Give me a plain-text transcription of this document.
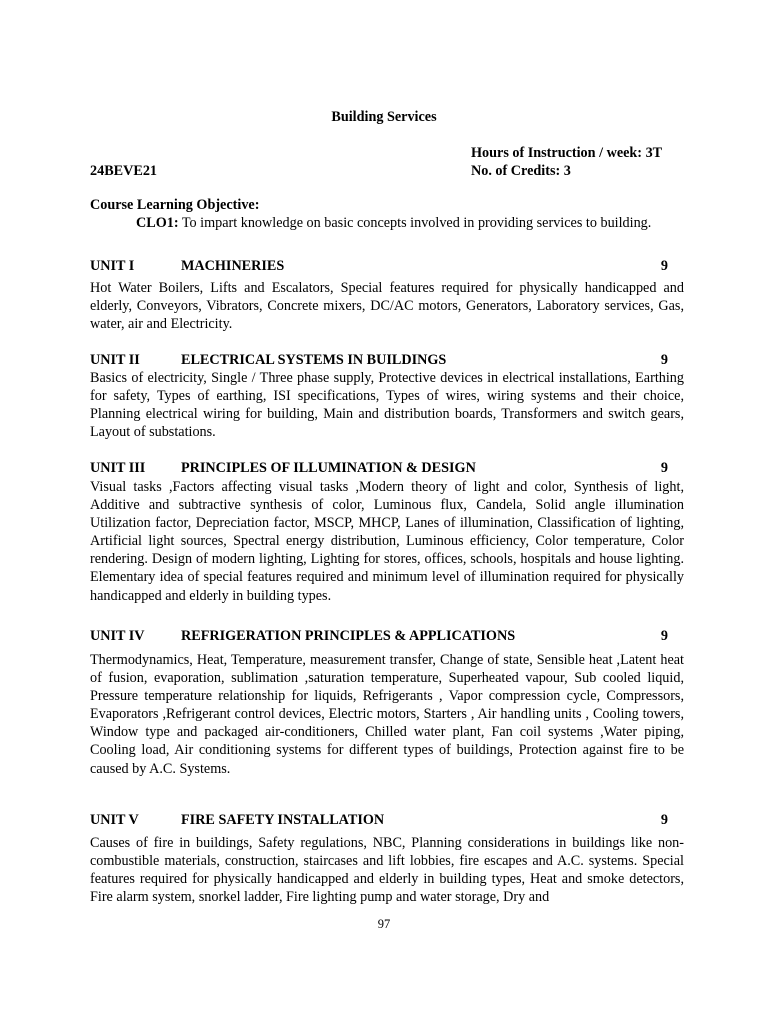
Building Services
Hours of Instruction / week: 3T
24BEVE21	No. of Credits: 3
Course Learning Objective:
CLO1: To impart knowledge on basic concepts involved in providing services to building.
UNIT I	MACHINERIES	9

Hot Water Boilers, Lifts and Escalators, Special features required for physically handicapped and elderly, Conveyors, Vibrators, Concrete mixers, DC/AC motors, Generators, Laboratory services, Gas, water, air and Electricity.

UNIT II	ELECTRICAL SYSTEMS IN BUILDINGS	9

Basics of electricity, Single / Three phase supply, Protective devices in electrical installations, Earthing for safety, Types of earthing, ISI specifications, Types of wires, wiring systems and their choice, Planning electrical wiring for building, Main and distribution boards, Transformers and switch gears, Layout of substations.

UNIT III	PRINCIPLES OF ILLUMINATION & DESIGN	9

Visual tasks ,Factors affecting visual tasks ,Modern theory of light and color, Synthesis of light, Additive and subtractive synthesis of color, Luminous flux, Candela, Solid angle illumination Utilization factor, Depreciation factor, MSCP, MHCP, Lanes of illumination, Classification of lighting, Artificial light sources, Spectral energy distribution, Luminous efficiency, Color temperature, Color rendering. Design of modern lighting, Lighting for stores, offices, schools, hospitals and house lighting. Elementary idea of special features required and minimum level of illumination required for physically handicapped and elderly in building types.

UNIT IV	REFRIGERATION PRINCIPLES & APPLICATIONS	9

Thermodynamics, Heat, Temperature, measurement transfer, Change of state, Sensible heat ,Latent heat of fusion, evaporation, sublimation ,saturation temperature, Superheated vapour, Sub cooled liquid, Pressure temperature relationship for liquids, Refrigerants , Vapor compression cycle, Compressors, Evaporators ,Refrigerant control devices, Electric motors, Starters , Air handling units , Cooling towers, Window type and packaged air-conditioners, Chilled water plant, Fan coil systems ,Water piping, Cooling load, Air conditioning systems for different types of buildings, Protection against fire to be caused by A.C. Systems.

UNIT V	FIRE SAFETY INSTALLATION	9

Causes of fire in buildings, Safety regulations, NBC, Planning considerations in buildings like non-combustible materials, construction, staircases and lift lobbies, fire escapes and A.C. systems. Special features required for physically handicapped and elderly in building types, Heat and smoke detectors, Fire alarm system, snorkel ladder, Fire lighting pump and water storage, Dry and

97
